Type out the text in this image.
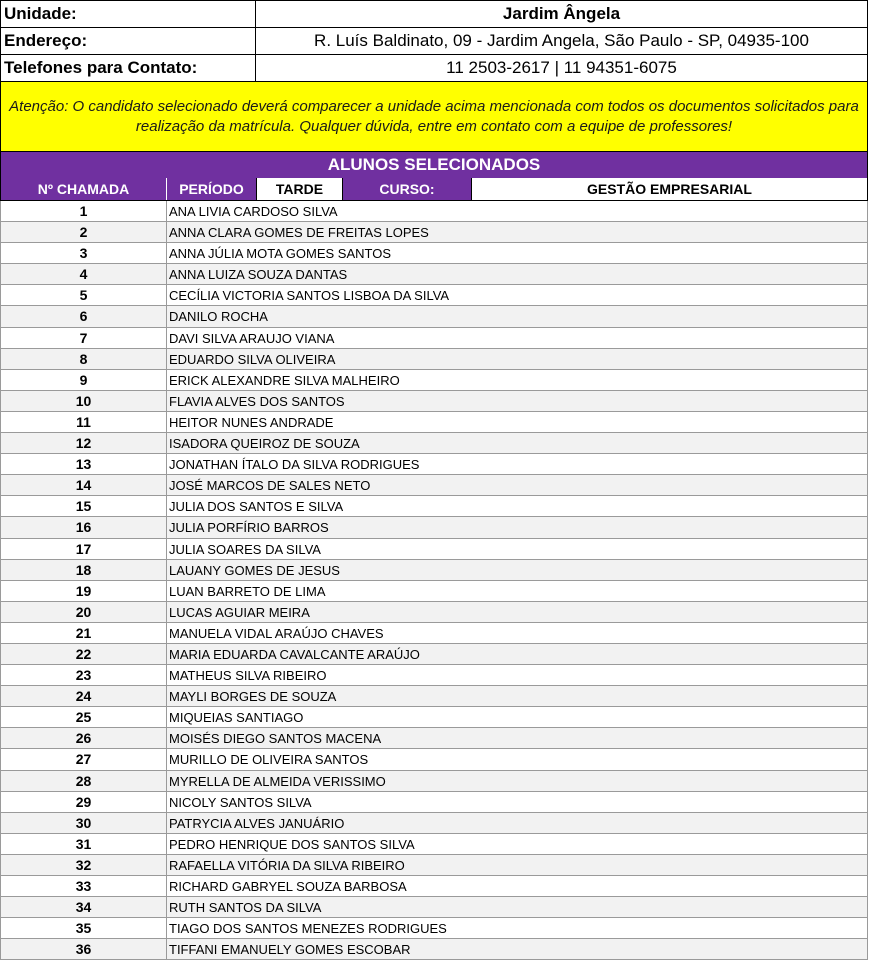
Unidade:	Jardim Ângela
Endereço:	R. Luís Baldinato, 09 - Jardim Angela, São Paulo - SP, 04935-100
Telefones para Contato:	11 2503-2617 | 11 94351-6075
Atenção: O candidato selecionado deverá comparecer a unidade acima mencionada com todos os documentos solicitados para realização da matrícula. Qualquer dúvida, entre em contato com a equipe de professores!
ALUNOS SELECIONADOS
Nº CHAMADA	PERÍODO	TARDE	CURSO:	GESTÃO EMPRESARIAL
1	ANA LIVIA CARDOSO SILVA
2	ANNA CLARA GOMES DE FREITAS LOPES
3	ANNA JÚLIA MOTA GOMES SANTOS
4	ANNA LUIZA SOUZA DANTAS
5	CECÍLIA VICTORIA SANTOS LISBOA DA SILVA
6	DANILO ROCHA
7	DAVI SILVA ARAUJO VIANA
8	EDUARDO SILVA OLIVEIRA
9	ERICK ALEXANDRE SILVA MALHEIRO
10	FLAVIA ALVES DOS SANTOS
11	HEITOR NUNES ANDRADE
12	ISADORA QUEIROZ DE SOUZA
13	JONATHAN ÍTALO DA SILVA RODRIGUES
14	JOSÉ MARCOS DE SALES NETO
15	JULIA DOS SANTOS E SILVA
16	JULIA PORFÍRIO BARROS
17	JULIA SOARES DA SILVA
18	LAUANY GOMES DE JESUS
19	LUAN BARRETO DE LIMA
20	LUCAS AGUIAR MEIRA
21	MANUELA VIDAL ARAÚJO CHAVES
22	MARIA EDUARDA CAVALCANTE ARAÚJO
23	MATHEUS SILVA RIBEIRO
24	MAYLI BORGES DE SOUZA
25	MIQUEIAS SANTIAGO
26	MOISÉS DIEGO SANTOS MACENA
27	MURILLO DE OLIVEIRA SANTOS
28	MYRELLA DE ALMEIDA VERISSIMO
29	NICOLY SANTOS SILVA
30	PATRYCIA ALVES JANUÁRIO
31	PEDRO HENRIQUE DOS SANTOS SILVA
32	RAFAELLA VITÓRIA DA SILVA RIBEIRO
33	RICHARD GABRYEL SOUZA BARBOSA
34	RUTH SANTOS DA SILVA
35	TIAGO DOS SANTOS MENEZES RODRIGUES
36	TIFFANI EMANUELY GOMES ESCOBAR
